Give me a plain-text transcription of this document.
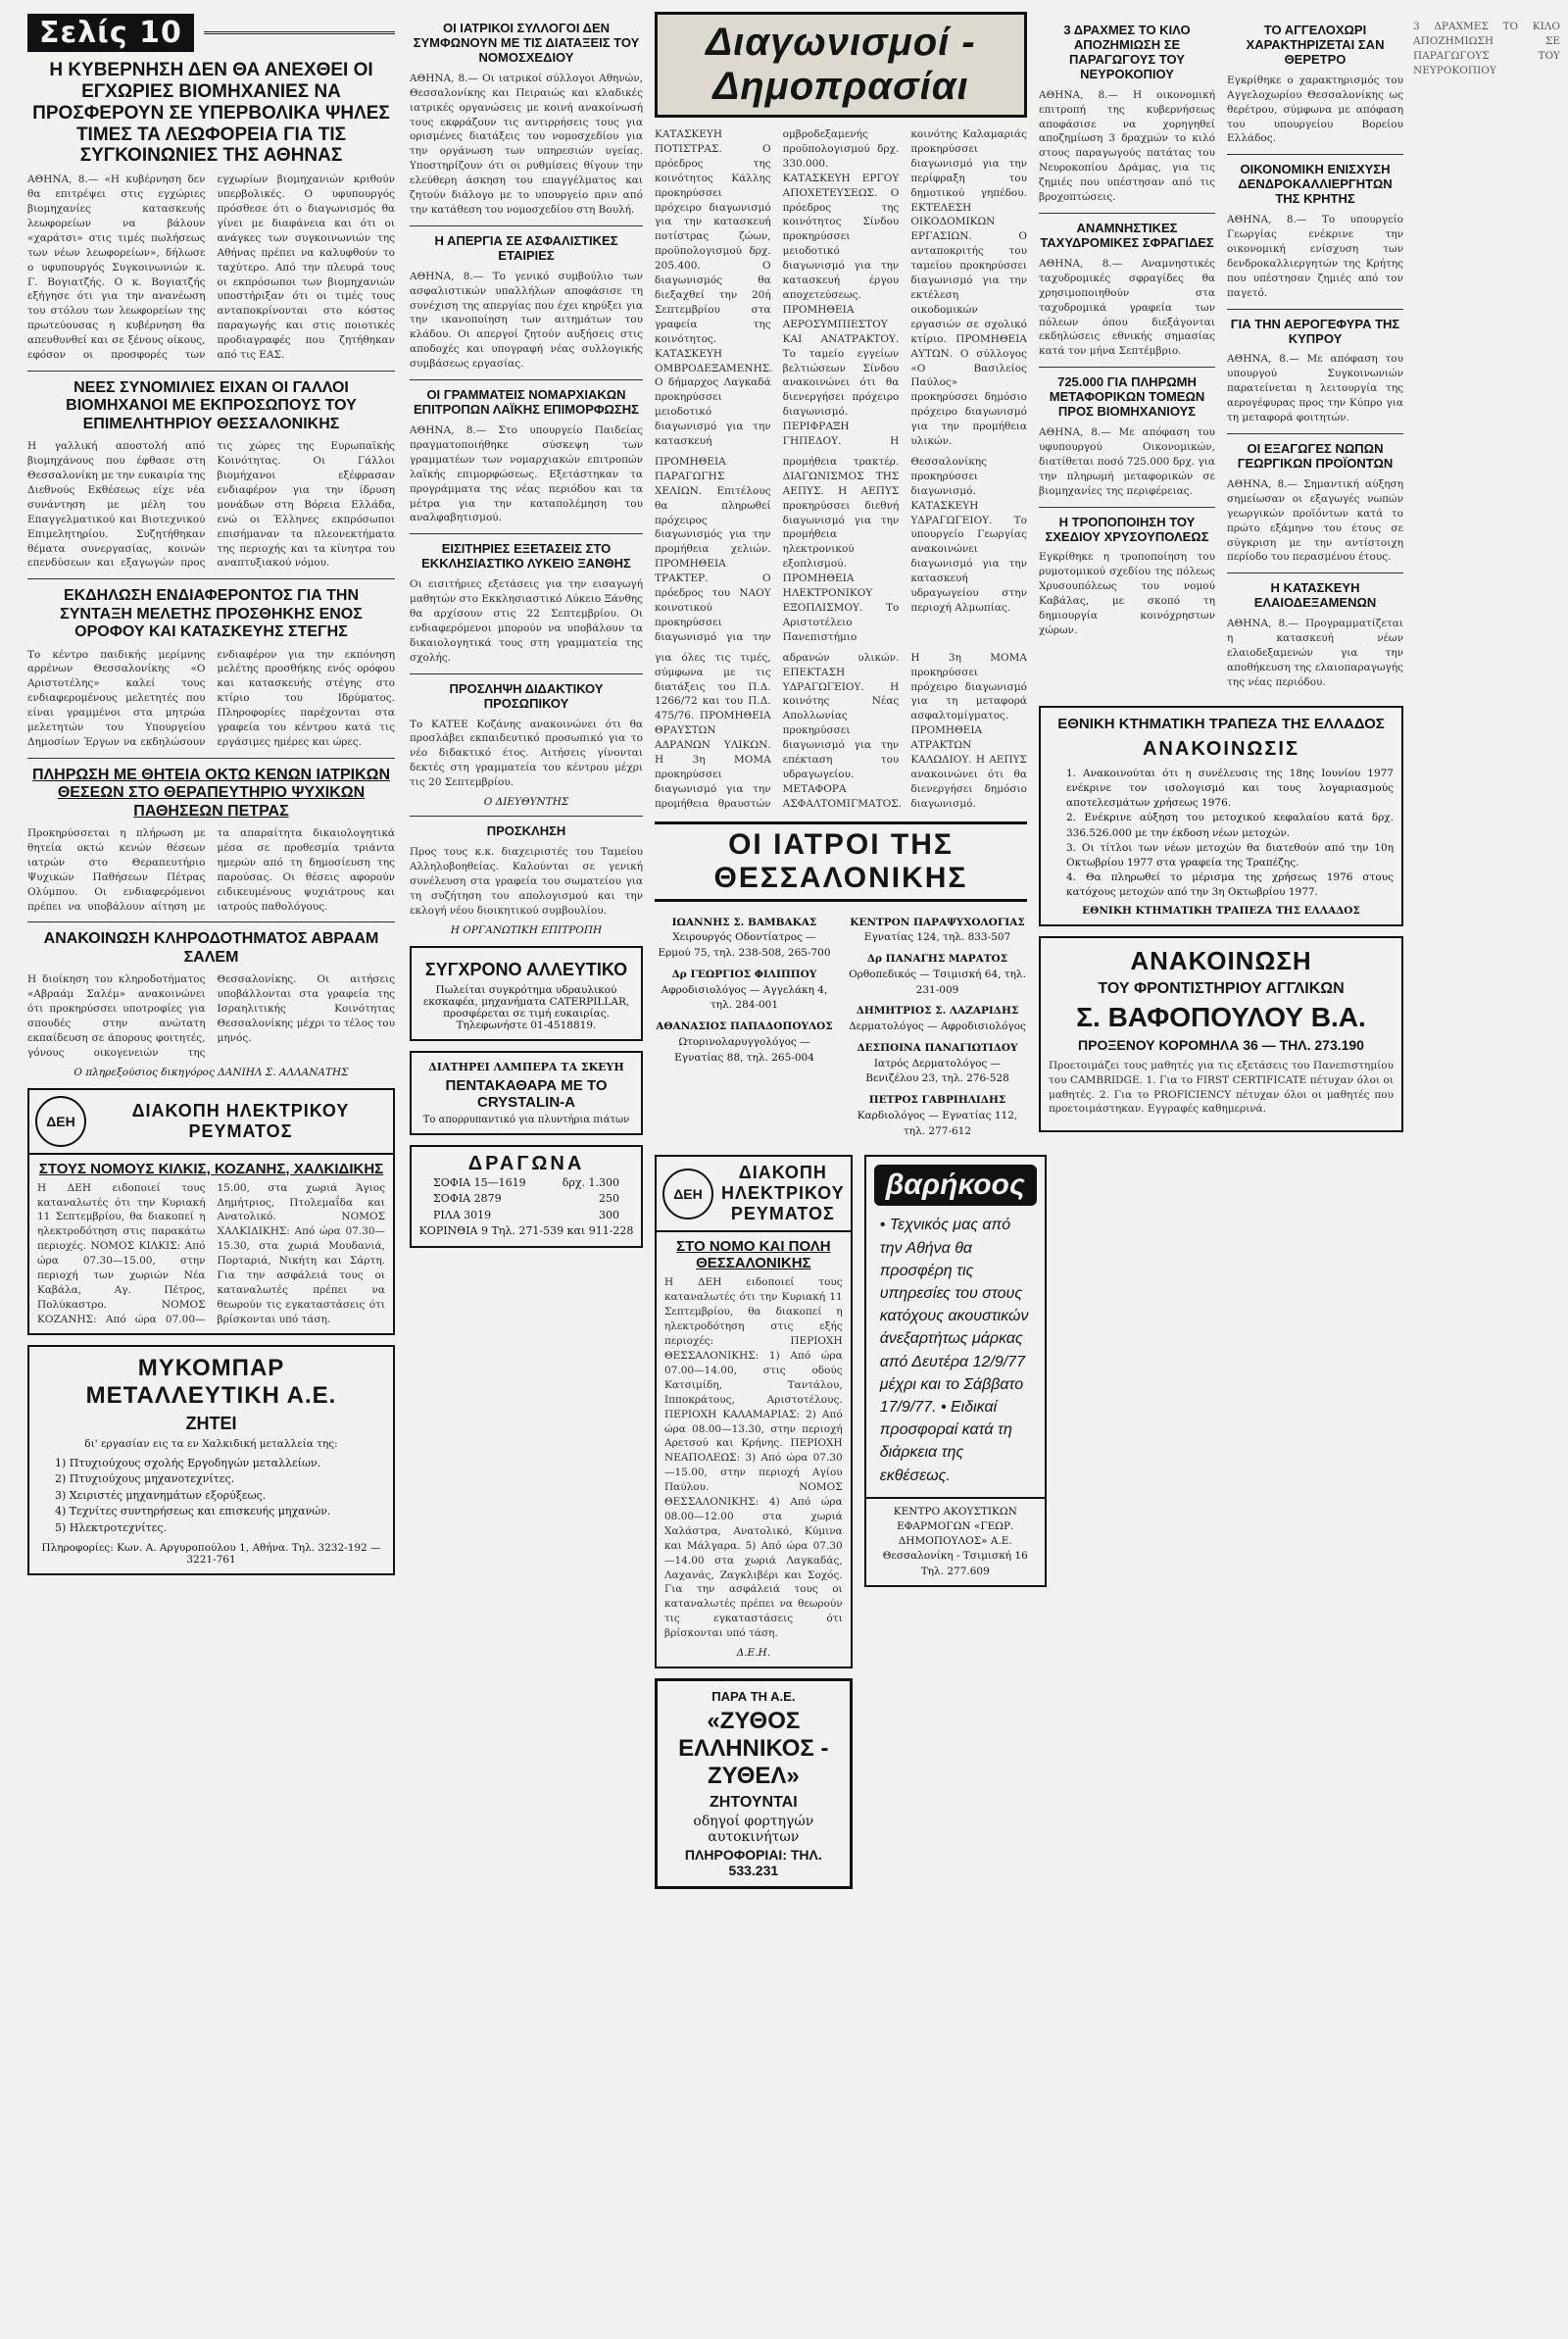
Σελίς 10
Η ΚΥΒΕΡΝΗΣΗ ΔΕΝ ΘΑ ΑΝΕΧΘΕΙ ΟΙ ΕΓΧΩΡΙΕΣ ΒΙΟΜΗΧΑΝΙΕΣ ΝΑ ΠΡΟΣΦΕΡΟΥΝ ΣΕ ΥΠΕΡΒΟΛΙΚΑ ΨΗΛΕΣ ΤΙΜΕΣ ΤΑ ΛΕΩΦΟΡΕΙΑ ΓΙΑ ΤΙΣ ΣΥΓΚΟΙΝΩΝΙΕΣ ΤΗΣ ΑΘΗΝΑΣ
ΑΘΗΝΑ, 8.— «Η κυβέρνηση δεν θα επιτρέψει στις εγχώριες βιομηχανίες κατασκευής λεωφορείων να βάλουν «χαράτσι» στις τιμές πωλήσεως των νέων λεωφορείων», δήλωσε ο υφυπουργός Συγκοινωνιών κ. Γ. Βογιατζής. Ο κ. Βογιατζής εξήγησε ότι για την ανανέωση του στόλου των λεωφορείων της πρωτεύουσας η κυβέρνηση θα απευθυνθεί και σε ξένους οίκους, εφόσον οι προσφορές των εγχωρίων βιομηχανιών κριθούν υπερβολικές. Ο υφυπουργός πρόσθεσε ότι ο διαγωνισμός θα γίνει με διαφάνεια και ότι οι ανάγκες των συγκοινωνιών της Αθήνας πρέπει να καλυφθούν το ταχύτερο. Από την πλευρά τους οι εκπρόσωποι των βιομηχανιών υποστήριξαν ότι οι τιμές τους ανταποκρίνονται στο κόστος παραγωγής και στις ποιοτικές προδιαγραφές που ζητήθηκαν από τις ΕΑΣ.
ΝΕΕΣ ΣΥΝΟΜΙΛΙΕΣ ΕΙΧΑΝ ΟΙ ΓΑΛΛΟΙ ΒΙΟΜΗΧΑΝΟΙ ΜΕ ΕΚΠΡΟΣΩΠΟΥΣ ΤΟΥ ΕΠΙΜΕΛΗΤΗΡΙΟΥ ΘΕΣΣΑΛΟΝΙΚΗΣ
Η γαλλική αποστολή από βιομηχάνους που έφθασε στη Θεσσαλονίκη με την ευκαιρία της Διεθνούς Εκθέσεως είχε νέα συνάντηση με μέλη του Επαγγελματικού και Βιοτεχνικού Επιμελητηρίου. Συζητήθηκαν θέματα συνεργασίας, κοινών επενδύσεων και εξαγωγών προς τις χώρες της Ευρωπαϊκής Κοινότητας. Οι Γάλλοι βιομήχανοι εξέφρασαν ενδιαφέρον για την ίδρυση μονάδων στη Βόρεια Ελλάδα, ενώ οι Έλληνες εκπρόσωποι επισήμαναν τα πλεονεκτήματα της περιοχής και τα κίνητρα του αναπτυξιακού νόμου.
ΕΚΔΗΛΩΣΗ ΕΝΔΙΑΦΕΡΟΝΤΟΣ ΓΙΑ ΤΗΝ ΣΥΝΤΑΞΗ ΜΕΛΕΤΗΣ ΠΡΟΣΘΗΚΗΣ ΕΝΟΣ ΟΡΟΦΟΥ ΚΑΙ ΚΑΤΑΣΚΕΥΗΣ ΣΤΕΓΗΣ
Το κέντρο παιδικής μερίμνης αρρένων Θεσσαλονίκης «Ο Αριστοτέλης» καλεί τους ενδιαφερομένους μελετητές που είναι γραμμένοι στα μητρώα μελετητών του Υπουργείου Δημοσίων Έργων να εκδηλώσουν ενδιαφέρον για την εκπόνηση μελέτης προσθήκης ενός ορόφου και κατασκευής στέγης στο κτίριο του Ιδρύματος. Πληροφορίες παρέχονται στα γραφεία του κέντρου κατά τις εργάσιμες ημέρες και ώρες.
ΠΛΗΡΩΣΗ ΜΕ ΘΗΤΕΙΑ ΟΚΤΩ ΚΕΝΩΝ ΙΑΤΡΙΚΩΝ ΘΕΣΕΩΝ ΣΤΟ ΘΕΡΑΠΕΥΤΗΡΙΟ ΨΥΧΙΚΩΝ ΠΑΘΗΣΕΩΝ ΠΕΤΡΑΣ
Προκηρύσσεται η πλήρωση με θητεία οκτώ κενών θέσεων ιατρών στο Θεραπευτήριο Ψυχικών Παθήσεων Πέτρας Ολύμπου. Οι ενδιαφερόμενοι πρέπει να υποβάλουν αίτηση με τα απαραίτητα δικαιολογητικά μέσα σε προθεσμία τριάντα ημερών από τη δημοσίευση της παρούσας. Οι θέσεις αφορούν ειδικευμένους ψυχιάτρους και ιατρούς παθολόγους.
ΑΝΑΚΟΙΝΩΣΗ ΚΛΗΡΟΔΟΤΗΜΑΤΟΣ ΑΒΡΑΑΜ ΣΑΛΕΜ
Η διοίκηση του κληροδοτήματος «Αβραάμ Σαλέμ» ανακοινώνει ότι προκηρύσσει υποτροφίες για σπουδές στην ανώτατη εκπαίδευση σε άπορους φοιτητές, γόνους οικογενειών της Θεσσαλονίκης. Οι αιτήσεις υποβάλλονται στα γραφεία της Ισραηλιτικής Κοινότητας Θεσσαλονίκης μέχρι το τέλος του μηνός.
Ο πληρεξούσιος δικηγόρος ΔΑΝΙΗΛ Σ. ΑΛΛΑΝΑΤΗΣ
ΔΕΗ
ΔΙΑΚΟΠΗ ΗΛΕΚΤΡΙΚΟΥ ΡΕΥΜΑΤΟΣ
ΣΤΟΥΣ ΝΟΜΟΥΣ ΚΙΛΚΙΣ, ΚΟΖΑΝΗΣ, ΧΑΛΚΙΔΙΚΗΣ
Η ΔΕΗ ειδοποιεί τους καταναλωτές ότι την Κυριακή 11 Σεπτεμβρίου, θα διακοπεί η ηλεκτροδότηση στις παρακάτω περιοχές. ΝΟΜΟΣ ΚΙΛΚΙΣ: Από ώρα 07.30—15.00, στην περιοχή των χωριών Νέα Καβάλα, Αγ. Πέτρος, Πολύκαστρο. ΝΟΜΟΣ ΚΟΖΑΝΗΣ: Από ώρα 07.00—15.00, στα χωριά Άγιος Δημήτριος, Πτολεμαΐδα και Ανατολικό. ΝΟΜΟΣ ΧΑΛΚΙΔΙΚΗΣ: Από ώρα 07.30—15.30, στα χωριά Μουδανιά, Πορταριά, Νικήτη και Σάρτη. Για την ασφάλειά τους οι καταναλωτές πρέπει να θεωρούν τις εγκαταστάσεις ότι βρίσκονται υπό τάση.
ΜΥΚΟΜΠΑΡ ΜΕΤΑΛΛΕΥΤΙΚΗ Α.Ε.
ΖΗΤΕΙ
δι' εργασίαν εις τα εν Χαλκιδική μεταλλεία της:
1) Πτυχιούχους σχολής Εργοδηγών μεταλλείων.
2) Πτυχιούχους μηχανοτεχνίτες.
3) Χειριστές μηχανημάτων εξορύξεως.
4) Τεχνίτες συντηρήσεως και επισκευής μηχανών.
5) Ηλεκτροτεχνίτες.
Πληροφορίες: Κων. Α. Αργυροπούλου 1, Αθήνα. Τηλ. 3232-192 — 3221-761
ΟΙ ΙΑΤΡΙΚΟΙ ΣΥΛΛΟΓΟΙ ΔΕΝ ΣΥΜΦΩΝΟΥΝ ΜΕ ΤΙΣ ΔΙΑΤΑΞΕΙΣ ΤΟΥ ΝΟΜΟΣΧΕΔΙΟΥ
ΑΘΗΝΑ, 8.— Οι ιατρικοί σύλλογοι Αθηνών, Θεσσαλονίκης και Πειραιώς και κλαδικές ιατρικές οργανώσεις με κοινή ανακοίνωσή τους εκφράζουν τις αντιρρήσεις τους για ορισμένες διατάξεις του νομοσχεδίου για την οργάνωση των υπηρεσιών υγείας. Υποστηρίζουν ότι οι ρυθμίσεις θίγουν την ελεύθερη άσκηση του επαγγέλματος και ζητούν διάλογο με το υπουργείο πριν από την κατάθεση του νομοσχεδίου στη Βουλή.
Η ΑΠΕΡΓΙΑ ΣΕ ΑΣΦΑΛΙΣΤΙΚΕΣ ΕΤΑΙΡΙΕΣ
ΑΘΗΝΑ, 8.— Το γενικό συμβούλιο των ασφαλιστικών υπαλλήλων αποφάσισε τη συνέχιση της απεργίας που έχει κηρύξει για την ικανοποίηση των αιτημάτων του κλάδου. Οι απεργοί ζητούν αυξήσεις στις αποδοχές και υπογραφή νέας συλλογικής συμβάσεως εργασίας.
ΟΙ ΓΡΑΜΜΑΤΕΙΣ ΝΟΜΑΡΧΙΑΚΩΝ ΕΠΙΤΡΟΠΩΝ ΛΑΪΚΗΣ ΕΠΙΜΟΡΦΩΣΗΣ
ΑΘΗΝΑ, 8.— Στο υπουργείο Παιδείας πραγματοποιήθηκε σύσκεψη των γραμματέων των νομαρχιακών επιτροπών λαϊκής επιμορφώσεως. Εξετάστηκαν τα προγράμματα της νέας περιόδου και τα μέτρα για την καταπολέμηση του αναλφαβητισμού.
ΕΙΣΙΤΗΡΙΕΣ ΕΞΕΤΑΣΕΙΣ ΣΤΟ ΕΚΚΛΗΣΙΑΣΤΙΚΟ ΛΥΚΕΙΟ ΞΑΝΘΗΣ
Οι εισιτήριες εξετάσεις για την εισαγωγή μαθητών στο Εκκλησιαστικό Λύκειο Ξάνθης θα αρχίσουν στις 22 Σεπτεμβρίου. Οι ενδιαφερόμενοι μπορούν να υποβάλουν τα δικαιολογητικά τους στη γραμματεία της σχολής.
ΠΡΟΣΛΗΨΗ ΔΙΔΑΚΤΙΚΟΥ ΠΡΟΣΩΠΙΚΟΥ
Το ΚΑΤΕΕ Κοζάνης ανακοινώνει ότι θα προσλάβει εκπαιδευτικό προσωπικό για το νέο διδακτικό έτος. Αιτήσεις γίνονται δεκτές στη γραμματεία του κέντρου μέχρι τις 20 Σεπτεμβρίου.
Ο ΔΙΕΥΘΥΝΤΗΣ
ΠΡΟΣΚΛΗΣΗ
Προς τους κ.κ. διαχειριστές του Ταμείου Αλληλοβοηθείας. Καλούνται σε γενική συνέλευση στα γραφεία του σωματείου για τη συζήτηση του απολογισμού και την εκλογή νέου διοικητικού συμβουλίου.
Η ΟΡΓΑΝΩΤΙΚΗ ΕΠΙΤΡΟΠΗ
ΣΥΓΧΡΟΝΟ ΑΛΛΕΥΤΙΚΟ
Πωλείται συγκρότημα υδραυλικού εκσκαφέα, μηχανήματα CATERPILLAR, προσφέρεται σε τιμή ευκαιρίας. Τηλεφωνήστε 01-4518819.
ΔΙΑΤΗΡΕΙ ΛΑΜΠΕΡΑ ΤΑ ΣΚΕΥΗ
ΠΕΝΤΑΚΑΘΑΡΑ ΜΕ ΤΟ CRYSTALIN-A
Το απορρυπαντικό για πλυντήρια πιάτων
ΔΡΑΓΩΝΑ
ΣΟΦΙΑ 15—1619	δρχ. 1.300
ΣΟΦΙΑ 2879	250
ΡΙΛΑ 3019	300
ΚΟΡΙΝΘΙΑ 9 Τηλ. 271-539 και 911-228
Διαγωνισμοί - Δημοπρασίαι
ΚΑΤΑΣΚΕΥΗ ΠΟΤΙΣΤΡΑΣ. Ο πρόεδρος της κοινότητος Κάλλης προκηρύσσει πρόχειρο διαγωνισμό για την κατασκευή ποτίστρας ζώων, προϋπολογισμού δρχ. 205.400. Ο διαγωνισμός θα διεξαχθεί την 20ή Σεπτεμβρίου στα γραφεία της κοινότητος. ΚΑΤΑΣΚΕΥΗ ΟΜΒΡΟΔΕΞΑΜΕΝΗΣ. Ο δήμαρχος Λαγκαδά προκηρύσσει μειοδοτικό διαγωνισμό για την κατασκευή ομβροδεξαμενής προϋπολογισμού δρχ. 330.000. ΚΑΤΑΣΚΕΥΗ ΕΡΓΟΥ ΑΠΟΧΕΤΕΥΣΕΩΣ. Ο πρόεδρος της κοινότητος Σίνδου προκηρύσσει μειοδοτικό διαγωνισμό για την κατασκευή έργου αποχετεύσεως. ΠΡΟΜΗΘΕΙΑ ΑΕΡΟΣΥΜΠΙΕΣΤΟΥ ΚΑΙ ΑΝΑΤΡΑΚΤΟΥ. Το ταμείο εγγείων βελτιώσεων Σίνδου ανακοινώνει ότι θα διενεργήσει πρόχειρο διαγωνισμό. ΠΕΡΙΦΡΑΞΗ ΓΗΠΕΔΟΥ. Η κοινότης Καλαμαριάς προκηρύσσει διαγωνισμό για την περίφραξη του δημοτικού γηπέδου. ΕΚΤΕΛΕΣΗ ΟΙΚΟΔΟΜΙΚΩΝ ΕΡΓΑΣΙΩΝ. Ο ανταποκριτής του ταμείου προκηρύσσει διαγωνισμό για την εκτέλεση οικοδομικών εργασιών σε σχολικό κτίριο. ΠΡΟΜΗΘΕΙΑ ΑΥΤΩΝ. Ο σύλλογος «Ο Βασιλείος Παύλος» προκηρύσσει δημόσιο πρόχειρο διαγωνισμό για την προμήθεια υλικών.
ΠΡΟΜΗΘΕΙΑ ΠΑΡΑΓΩΓΗΣ ΧΕΛΙΩΝ. Επιτέλους θα πληρωθεί πρόχειρος διαγωνισμός για την προμήθεια χελιών. ΠΡΟΜΗΘΕΙΑ ΤΡΑΚΤΕΡ. Ο πρόεδρος του ΝΑΟΥ κοινοτικού προκηρύσσει διαγωνισμό για την προμήθεια τρακτέρ. ΔΙΑΓΩΝΙΣΜΟΣ ΤΗΣ ΑΕΠΥΣ. Η ΑΕΠΥΣ προκηρύσσει διεθνή διαγωνισμό για την προμήθεια ηλεκτρονικού εξοπλισμού. ΠΡΟΜΗΘΕΙΑ ΗΛΕΚΤΡΟΝΙΚΟΥ ΕΞΟΠΛΙΣΜΟΥ. Το Αριστοτέλειο Πανεπιστήμιο Θεσσαλονίκης προκηρύσσει διαγωνισμό. ΚΑΤΑΣΚΕΥΗ ΥΔΡΑΓΩΓΕΙΟΥ. Το υπουργείο Γεωργίας ανακοινώνει διαγωνισμό για την κατασκευή υδραγωγείου στην περιοχή Αλμωπίας.
για όλες τις τιμές, σύμφωνα με τις διατάξεις του Π.Δ. 1266/72 και του Π.Δ. 475/76. ΠΡΟΜΗΘΕΙΑ ΘΡΑΥΣΤΩΝ ΑΔΡΑΝΩΝ ΥΛΙΚΩΝ. Η 3η ΜΟΜΑ προκηρύσσει διαγωνισμό για την προμήθεια θραυστών αδρανών υλικών. ΕΠΕΚΤΑΣΗ ΥΔΡΑΓΩΓΕΙΟΥ. Η κοινότης Νέας Απολλωνίας προκηρύσσει διαγωνισμό για την επέκταση του υδραγωγείου. ΜΕΤΑΦΟΡΑ ΑΣΦΑΛΤΟΜΙΓΜΑΤΟΣ. Η 3η ΜΟΜΑ προκηρύσσει πρόχειρο διαγωνισμό για τη μεταφορά ασφαλτομίγματος. ΠΡΟΜΗΘΕΙΑ ΑΤΡΑΚΤΩΝ ΚΑΛΩΔΙΟΥ. Η ΑΕΠΥΣ ανακοινώνει ότι θα διενεργήσει δημόσιο διαγωνισμό.
ΟΙ ΙΑΤΡΟΙ ΤΗΣ ΘΕΣΣΑΛΟΝΙΚΗΣ
ΙΩΑΝΝΗΣ Σ. ΒΑΜΒΑΚΑΣ
Χειρουργός Οδοντίατρος — Ερμού 75, τηλ. 238-508, 265-700
Δρ ΓΕΩΡΓΙΟΣ ΦΙΛΙΠΠΟΥ
Αφροδισιολόγος — Αγγελάκη 4, τηλ. 284-001
ΑΘΑΝΑΣΙΟΣ ΠΑΠΑΔΟΠΟΥΛΟΣ
Ωτορινολαρυγγολόγος — Εγνατίας 88, τηλ. 265-004
ΚΕΝΤΡΟΝ ΠΑΡΑΨΥΧΟΛΟΓΙΑΣ
Εγνατίας 124, τηλ. 833-507
Δρ ΠΑΝΑΓΗΣ ΜΑΡΑΤΟΣ
Ορθοπεδικός — Τσιμισκή 64, τηλ. 231-009
ΔΗΜΗΤΡΙΟΣ Σ. ΛΑΖΑΡΙΔΗΣ
Δερματολόγος — Αφροδισιολόγος
ΔΕΣΠΟΙΝΑ ΠΑΝΑΓΙΩΤΙΔΟΥ
Ιατρός Δερματολόγος — Βενιζέλου 23, τηλ. 276-528
ΠΕΤΡΟΣ ΓΑΒΡΙΗΛΙΔΗΣ
Καρδιολόγος — Εγνατίας 112, τηλ. 277-612
ΔΕΗ
ΔΙΑΚΟΠΗ ΗΛΕΚΤΡΙΚΟΥ ΡΕΥΜΑΤΟΣ
ΣΤΟ ΝΟΜΟ ΚΑΙ ΠΟΛΗ ΘΕΣΣΑΛΟΝΙΚΗΣ
Η ΔΕΗ ειδοποιεί τους καταναλωτές ότι την Κυριακή 11 Σεπτεμβρίου, θα διακοπεί η ηλεκτροδότηση στις εξής περιοχές: ΠΕΡΙΟΧΗ ΘΕΣΣΑΛΟΝΙΚΗΣ: 1) Από ώρα 07.00—14.00, στις οδούς Κατσιμίδη, Ταντάλου, Ιπποκράτους, Αριστοτέλους. ΠΕΡΙΟΧΗ ΚΑΛΑΜΑΡΙΑΣ: 2) Από ώρα 08.00—13.30, στην περιοχή Αρετσού και Κρήνης. ΠΕΡΙΟΧΗ ΝΕΑΠΟΛΕΩΣ: 3) Από ώρα 07.30—15.00, στην περιοχή Αγίου Παύλου. ΝΟΜΟΣ ΘΕΣΣΑΛΟΝΙΚΗΣ: 4) Από ώρα 08.00—12.00 στα χωριά Χαλάστρα, Ανατολικό, Κύμινα και Μάλγαρα. 5) Από ώρα 07.30—14.00 στα χωριά Λαγκαδάς, Λαχανάς, Ζαγκλιβέρι και Σοχός. Για την ασφάλειά τους οι καταναλωτές πρέπει να θεωρούν τις εγκαταστάσεις ότι βρίσκονται υπό τάση.
Δ.Ε.Η.
ΠΑΡΑ ΤΗ Α.Ε.
«ΖΥΘΟΣ ΕΛΛΗΝΙΚΟΣ - ΖΥΘΕΛ»
ΖΗΤΟΥΝΤΑΙ
οδηγοί φορτηγών αυτοκινήτων
ΠΛΗΡΟΦΟΡΙΑΙ: ΤΗΛ. 533.231
βαρήκοος
• Τεχνικός μας από την Αθήνα θα προσφέρη τις υπηρεσίες του στους κατόχους ακουστικών άνεξαρτήτως μάρκας από Δευτέρα 12/9/77 μέχρι και το Σάββατο 17/9/77. • Ειδικαί προσφοραί κατά τη διάρκεια της εκθέσεως.
ΚΕΝΤΡΟ ΑΚΟΥΣΤΙΚΩΝ ΕΦΑΡΜΟΓΩΝ «ΓΕΩΡ. ΔΗΜΟΠΟΥΛΟΣ» Α.Ε. Θεσσαλονίκη - Τσιμισκή 16 Τηλ. 277.609
3 ΔΡΑΧΜΕΣ ΤΟ ΚΙΛΟ ΑΠΟΖΗΜΙΩΣΗ ΣΕ ΠΑΡΑΓΩΓΟΥΣ ΤΟΥ ΝΕΥΡΟΚΟΠΙΟΥ
ΑΘΗΝΑ, 8.— Η οικονομική επιτροπή της κυβερνήσεως αποφάσισε να χορηγηθεί αποζημίωση 3 δραχμών το κιλό στους παραγωγούς πατάτας του Νευροκοπίου Δράμας, για τις ζημιές που υπέστησαν από τις βροχοπτώσεις.
ΑΝΑΜΝΗΣΤΙΚΕΣ ΤΑΧΥΔΡΟΜΙΚΕΣ ΣΦΡΑΓΙΔΕΣ
ΑΘΗΝΑ, 8.— Αναμνηστικές ταχυδρομικές σφραγίδες θα χρησιμοποιηθούν στα ταχυδρομικά γραφεία των πόλεων όπου διεξάγονται εκδηλώσεις εθνικής σημασίας κατά τον μήνα Σεπτέμβριο.
725.000 ΓΙΑ ΠΛΗΡΩΜΗ ΜΕΤΑΦΟΡΙΚΩΝ ΤΟΜΕΩΝ ΠΡΟΣ ΒΙΟΜΗΧΑΝΙΟΥΣ
ΑΘΗΝΑ, 8.— Με απόφαση του υφυπουργού Οικονομικών, διατίθεται ποσό 725.000 δρχ. για την πληρωμή μεταφορικών σε βιομηχανίες της περιφέρειας.
Η ΤΡΟΠΟΠΟΙΗΣΗ ΤΟΥ ΣΧΕΔΙΟΥ ΧΡΥΣΟΥΠΟΛΕΩΣ
Εγκρίθηκε η τροποποίηση του ρυμοτομικού σχεδίου της πόλεως Χρυσουπόλεως του νομού Καβάλας, με σκοπό τη δημιουργία κοινόχρηστων χώρων.
ΤΟ ΑΓΓΕΛΟΧΩΡΙ ΧΑΡΑΚΤΗΡΙΖΕΤΑΙ ΣΑΝ ΘΕΡΕΤΡΟ
Εγκρίθηκε ο χαρακτηρισμός του Αγγελοχωρίου Θεσσαλονίκης ως θερέτρου, σύμφωνα με απόφαση του υπουργείου Βορείου Ελλάδος.
ΟΙΚΟΝΟΜΙΚΗ ΕΝΙΣΧΥΣΗ ΔΕΝΔΡΟΚΑΛΛΙΕΡΓΗΤΩΝ ΤΗΣ ΚΡΗΤΗΣ
ΑΘΗΝΑ, 8.— Το υπουργείο Γεωργίας ενέκρινε την οικονομική ενίσχυση των δενδροκαλλιεργητών της Κρήτης που υπέστησαν ζημιές από τον παγετό.
ΓΙΑ ΤΗΝ ΑΕΡΟΓΕΦΥΡΑ ΤΗΣ ΚΥΠΡΟΥ
ΑΘΗΝΑ, 8.— Με απόφαση του υπουργού Συγκοινωνιών παρατείνεται η λειτουργία της αερογέφυρας προς την Κύπρο για τη μεταφορά φοιτητών.
ΟΙ ΕΞΑΓΩΓΕΣ ΝΩΠΩΝ ΓΕΩΡΓΙΚΩΝ ΠΡΟΪΟΝΤΩΝ
ΑΘΗΝΑ, 8.— Σημαντική αύξηση σημείωσαν οι εξαγωγές νωπών γεωργικών προϊόντων κατά το πρώτο εξάμηνο του έτους σε σύγκριση με την αντίστοιχη περίοδο του περασμένου έτους.
Η ΚΑΤΑΣΚΕΥΗ ΕΛΑΙΟΔΕΞΑΜΕΝΩΝ
ΑΘΗΝΑ, 8.— Προγραμματίζεται η κατασκευή νέων ελαιοδεξαμενών για την αποθήκευση της ελαιοπαραγωγής της νέας περιόδου.
ΕΘΝΙΚΗ ΚΤΗΜΑΤΙΚΗ ΤΡΑΠΕΖΑ ΤΗΣ ΕΛΛΑΔΟΣ
ΑΝΑΚΟΙΝΩΣΙΣ
1. Ανακοινούται ότι η συνέλευσις της 18ης Ιουνίου 1977 ενέκρινε τον ισολογισμό και τους λογαριασμούς αποτελεσμάτων χρήσεως 1976.
2. Ενέκρινε αύξηση του μετοχικού κεφαλαίου κατά δρχ. 336.526.000 με την έκδοση νέων μετοχών.
3. Οι τίτλοι των νέων μετοχών θα διατεθούν από την 10η Οκτωβρίου 1977 στα γραφεία της Τραπέζης.
4. Θα πληρωθεί το μέρισμα της χρήσεως 1976 στους κατόχους μετοχών από την 3η Οκτωβρίου 1977.
ΕΘΝΙΚΗ ΚΤΗΜΑΤΙΚΗ ΤΡΑΠΕΖΑ ΤΗΣ ΕΛΛΑΔΟΣ
ΑΝΑΚΟΙΝΩΣΗ
ΤΟΥ ΦΡΟΝΤΙΣΤΗΡΙΟΥ ΑΓΓΛΙΚΩΝ
Σ. ΒΑΦΟΠΟΥΛΟΥ Β.Α.
ΠΡΟΞΕΝΟΥ ΚΟΡΟΜΗΛΑ 36 — ΤΗΛ. 273.190
Προετοιμάζει τους μαθητές για τις εξετάσεις του Πανεπιστημίου του CAMBRIDGE. 1. Για το FIRST CERTIFICATE πέτυχαν όλοι οι μαθητές. 2. Για το PROFICIENCY πέτυχαν όλοι οι μαθητές που προετοιμάστηκαν. Εγγραφές καθημερινά.
3 ΔΡΑΧΜΕΣ ΤΟ ΚΙΛΟ ΑΠΟΖΗΜΙΩΣΗ ΣΕ ΠΑΡΑΓΩΓΟΥΣ ΤΟΥ ΝΕΥΡΟΚΟΠΙΟΥ
